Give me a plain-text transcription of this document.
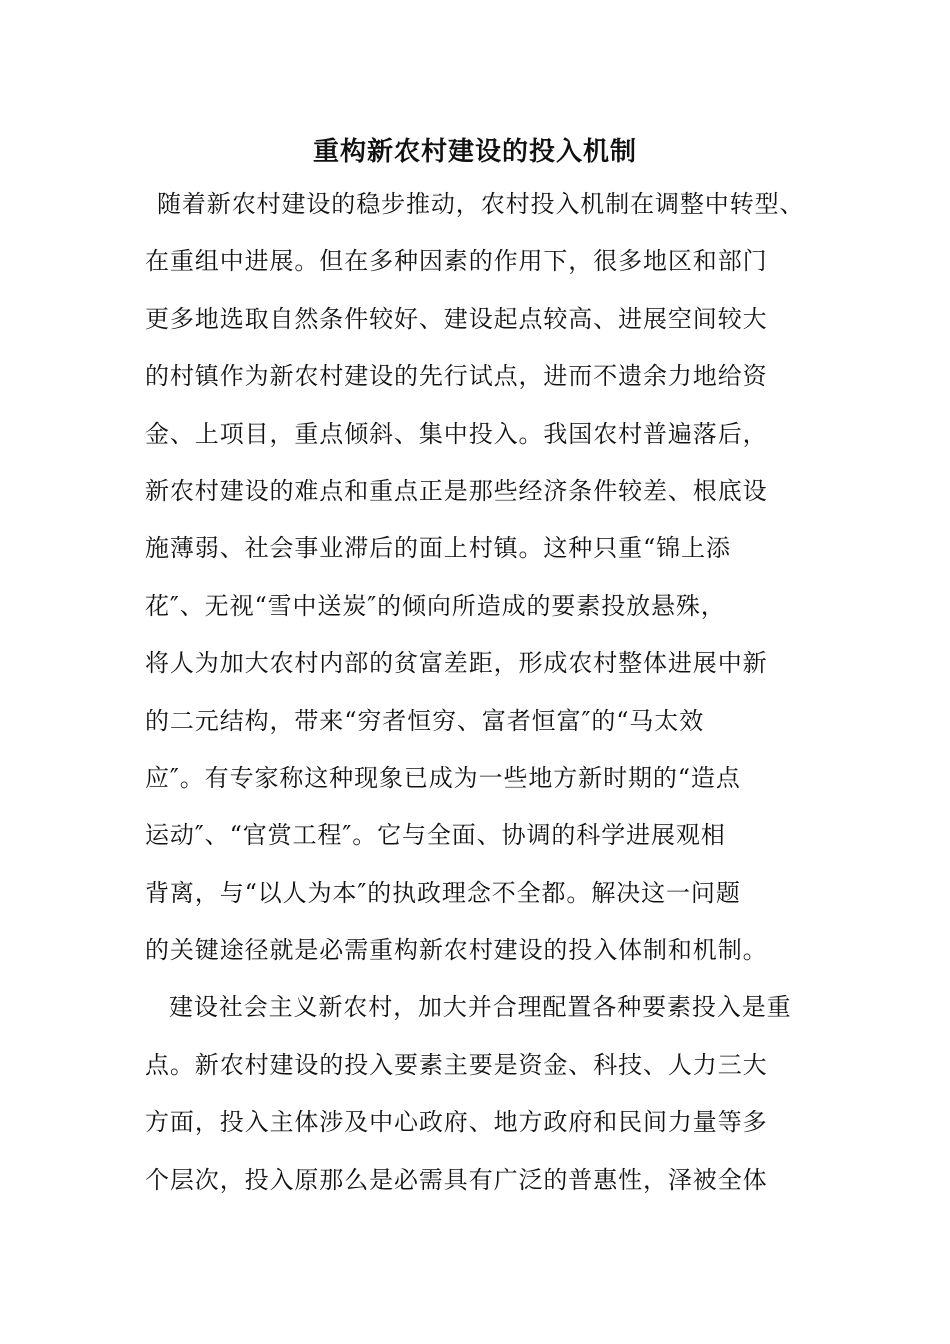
重构新农村建设的投入机制
随着新农村建设的稳步推动，农村投入机制在调整中转型、
在重组中进展。但在多种因素的作用下，很多地区和部门
更多地选取自然条件较好、建设起点较高、进展空间较大
的村镇作为新农村建设的先行试点，进而不遗余力地给资
金、上项目，重点倾斜、集中投入。我国农村普遍落后，
新农村建设的难点和重点正是那些经济条件较差、根底设
施薄弱、社会事业滞后的面上村镇。这种只重“锦上添
花″、无视“雪中送炭″的倾向所造成的要素投放悬殊，
将人为加大农村内部的贫富差距，形成农村整体进展中新
的二元结构，带来“穷者恒穷、富者恒富″的“马太效
应″。有专家称这种现象已成为一些地方新时期的“造点
运动″、“官赏工程″。它与全面、协调的科学进展观相
背离，与“以人为本″的执政理念不全都。解决这一问题
的关键途径就是必需重构新农村建设的投入体制和机制。
建设社会主义新农村，加大并合理配置各种要素投入是重
点。新农村建设的投入要素主要是资金、科技、人力三大
方面，投入主体涉及中心政府、地方政府和民间力量等多
个层次，投入原那么是必需具有广泛的普惠性，泽被全体
